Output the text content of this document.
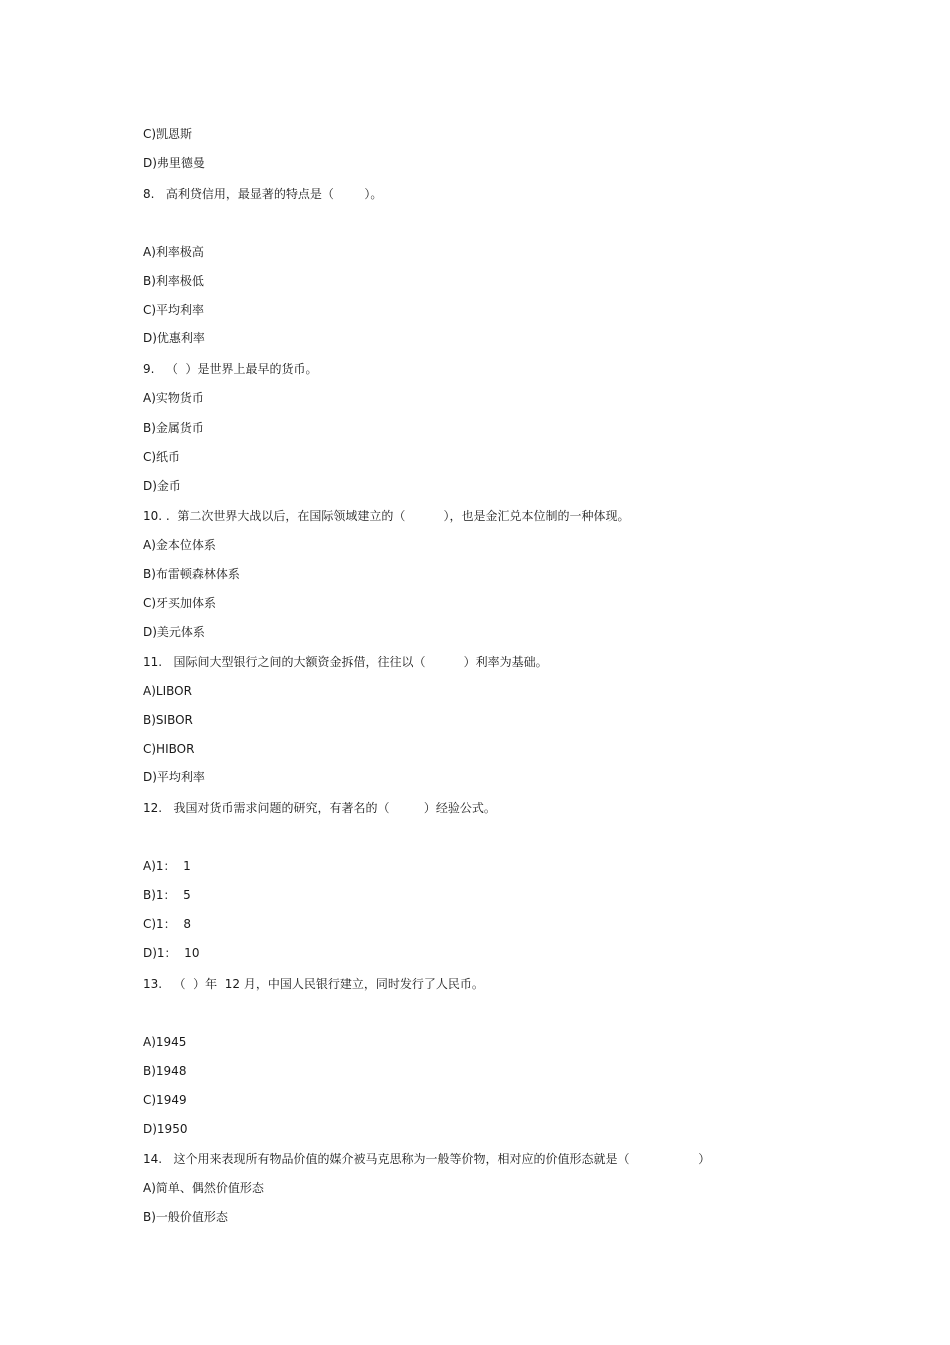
C)凯恩斯
D)弗里德曼
8.   高利贷信用，最显著的特点是（        ）。
A)利率极高
B)利率极低
C)平均利率
D)优惠利率
9.   （  ）是世界上最早的货币。
A)实物货币
B)金属货币
C)纸币
D)金币
10. .  第二次世界大战以后，在国际领域建立的（          ），也是金汇兑本位制的一种体现。
A)金本位体系
B)布雷顿森林体系
C)牙买加体系
D)美元体系
11.   国际间大型银行之间的大额资金拆借，往往以（          ）利率为基础。
A)LIBOR
B)SIBOR
C)HIBOR
D)平均利率
12.   我国对货币需求问题的研究，有著名的（         ）经验公式。
A)1：  1
B)1：  5
C)1：  8
D)1：  10
13.   （  ）年  12 月，中国人民银行建立，同时发行了人民币。
A)1945
B)1948
C)1949
D)1950
14.   这个用来表现所有物品价值的媒介被马克思称为一般等价物，相对应的价值形态就是（                  ）
A)简单、偶然价值形态
B)一般价值形态
